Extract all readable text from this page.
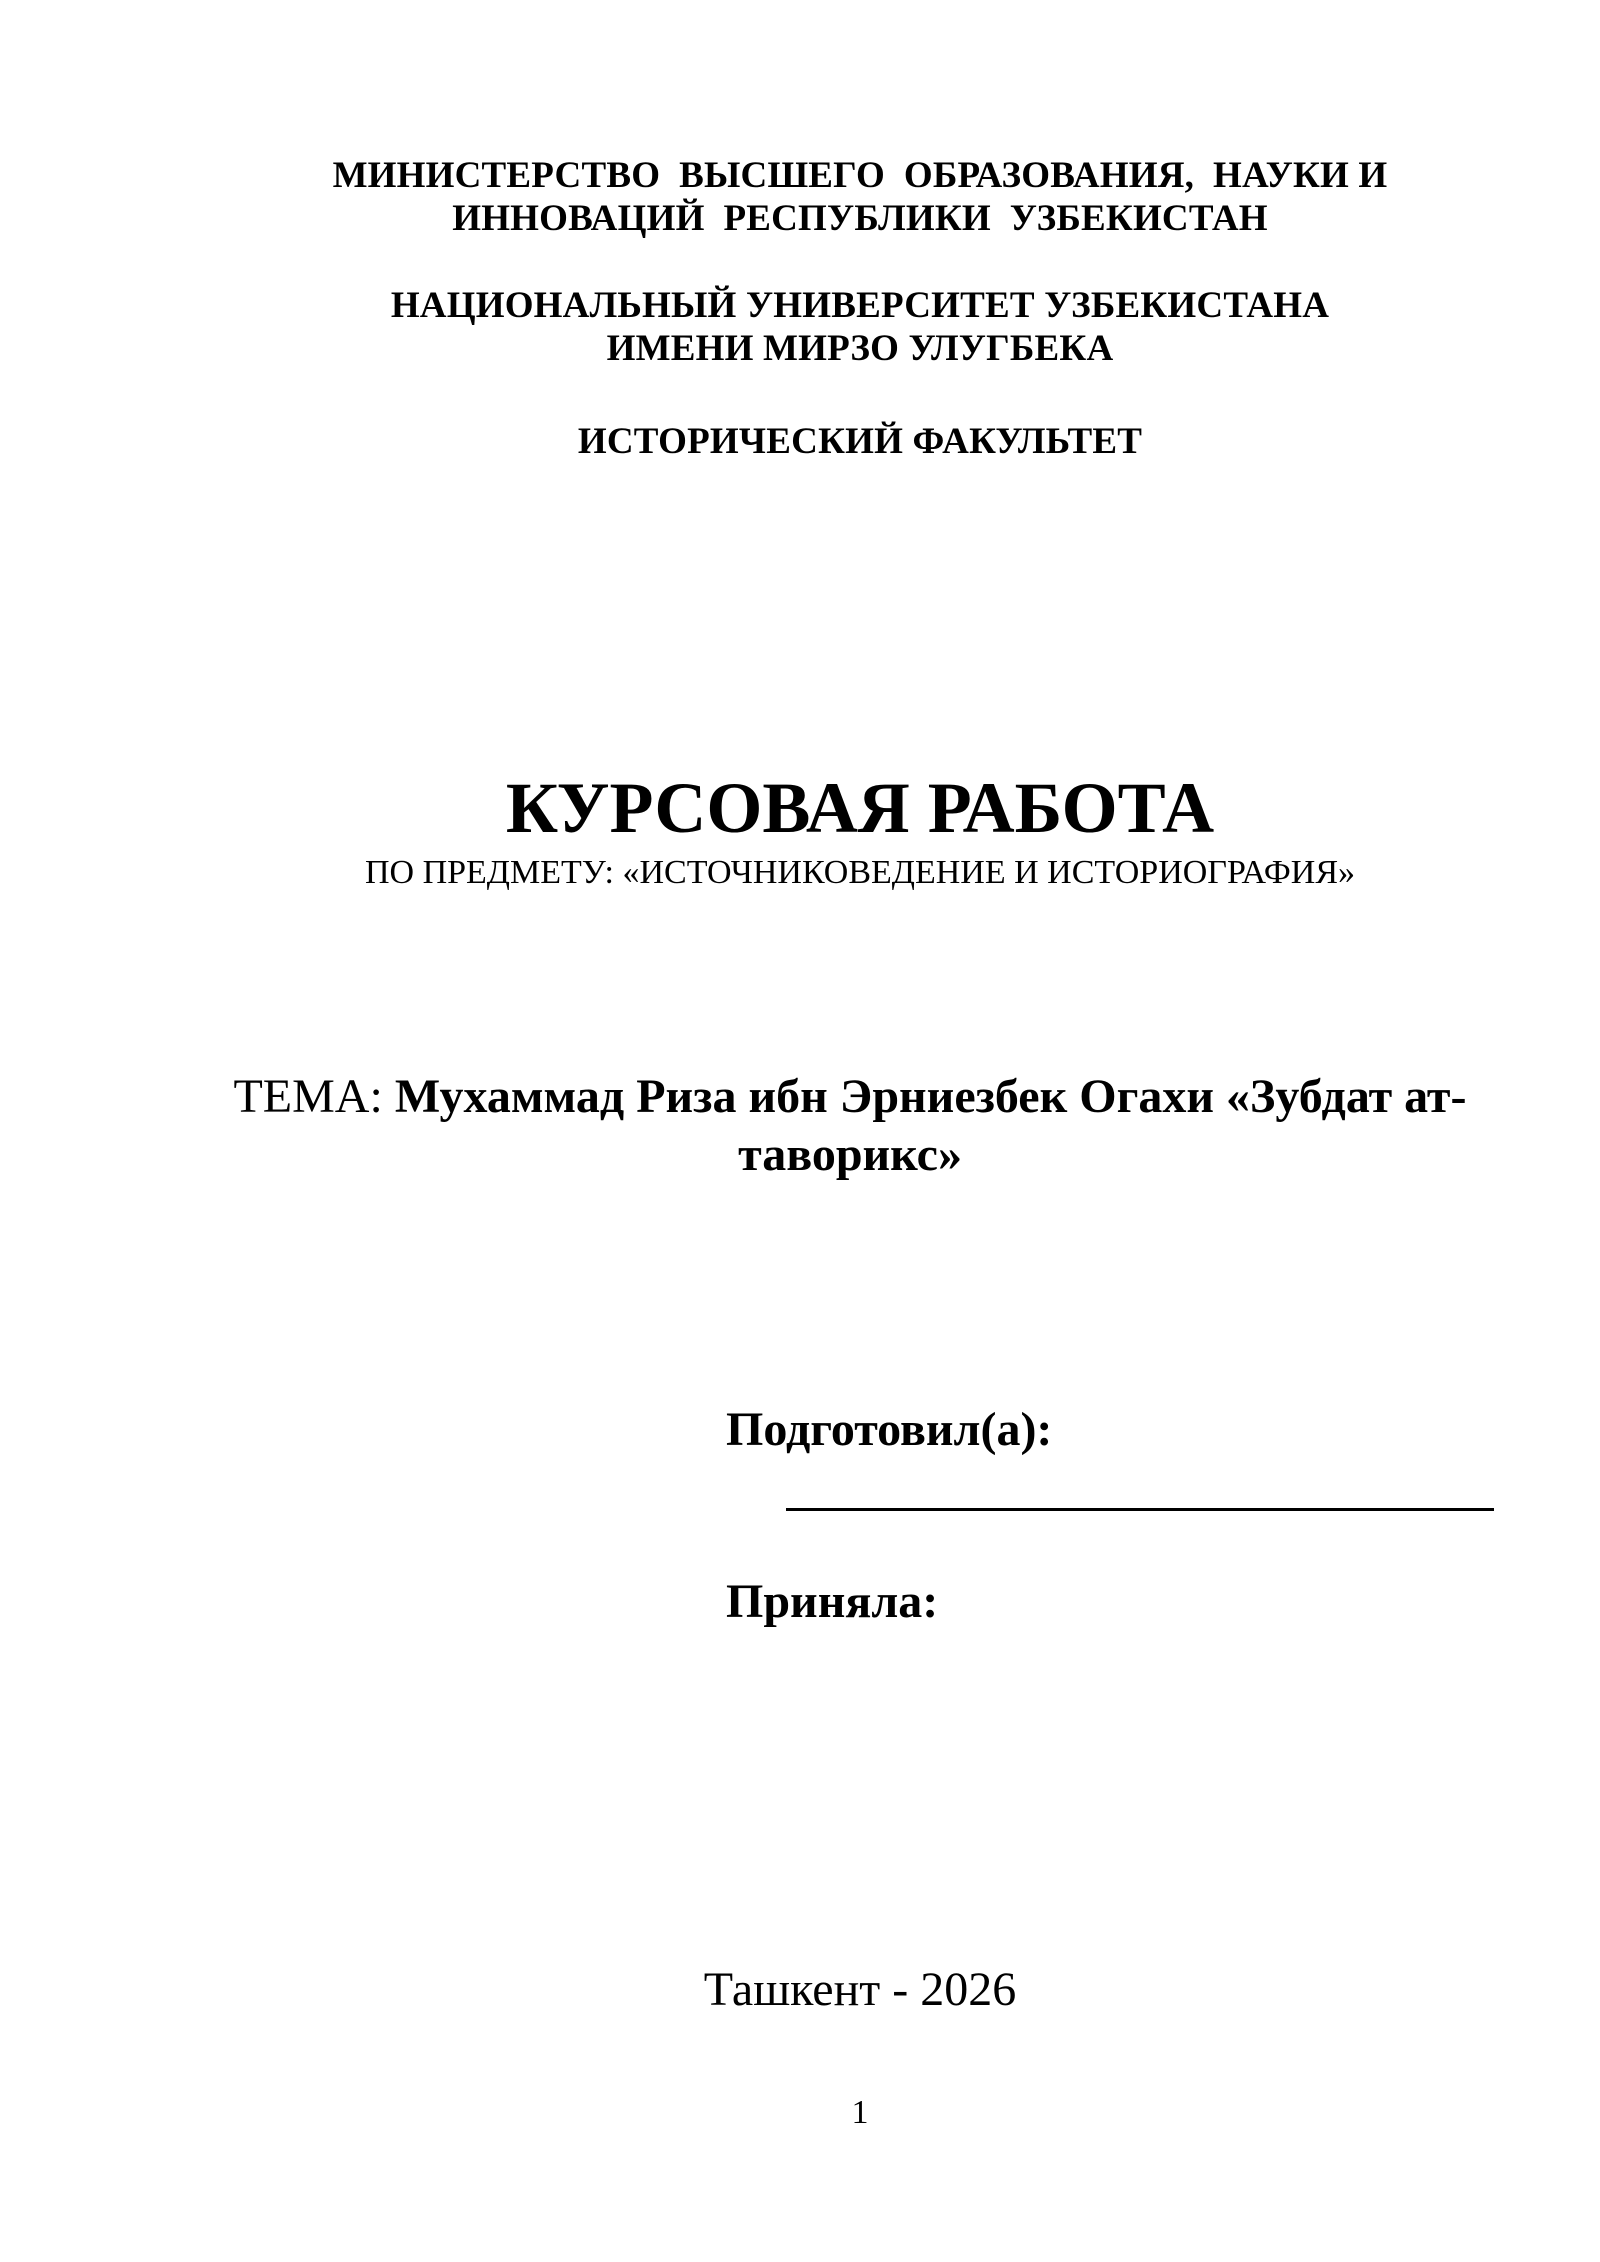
МИНИСТЕРСТВО  ВЫСШЕГО  ОБРАЗОВАНИЯ,  НАУКИ И
ИННОВАЦИЙ  РЕСПУБЛИКИ  УЗБЕКИСТАН
НАЦИОНАЛЬНЫЙ УНИВЕРСИТЕТ УЗБЕКИСТАНА
ИМЕНИ МИРЗО УЛУГБЕКА
ИСТОРИЧЕСКИЙ ФАКУЛЬТЕТ
КУРСОВАЯ РАБОТА
ПО ПРЕДМЕТУ: «ИСТОЧНИКОВЕДЕНИЕ И ИСТОРИОГРАФИЯ»
ТЕМА: Мухаммад Риза ибн Эрниезбек Огахи «Зубдат ат-таворикс»
Подготовил(а):
Приняла:
Ташкент - 2026
1
